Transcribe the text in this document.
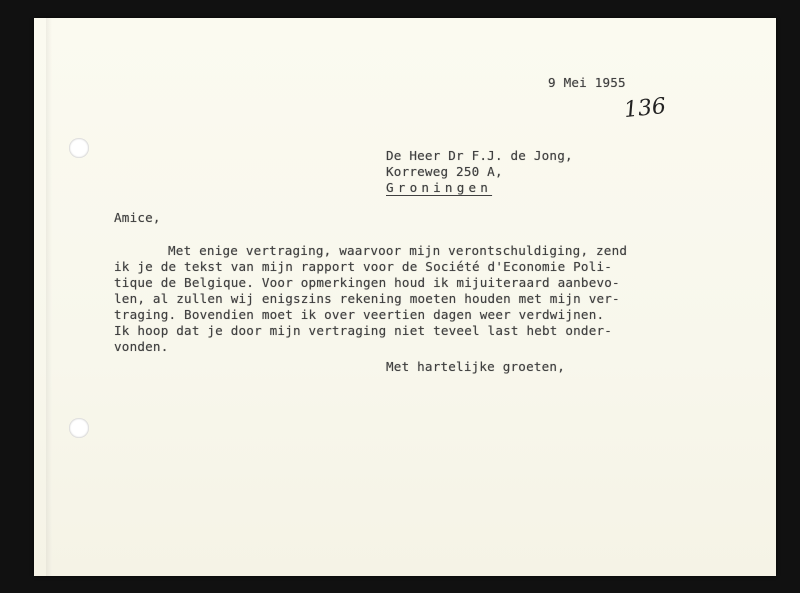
9 Mei 1955
136
De Heer Dr F.J. de Jong,
Korreweg 250 A,
Groningen
Amice,
Met enige vertraging, waarvoor mijn verontschuldiging, zend
ik je de tekst van mijn rapport voor de Société d'Economie Poli-
tique de Belgique. Voor opmerkingen houd ik mijuiteraard aanbevo-
len, al zullen wij enigszins rekening moeten houden met mijn ver-
traging. Bovendien moet ik over veertien dagen weer verdwijnen.
Ik hoop dat je door mijn vertraging niet teveel last hebt onder-
vonden.
Met hartelijke groeten,
